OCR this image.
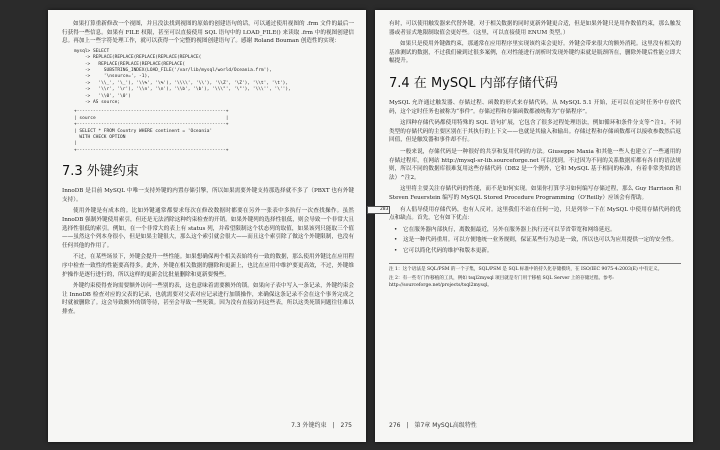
如果打算重新修改一个视图，并且没法找到视图的原始的创建语句的话，可以通过使用视图的 .frm 文件的最后一行获得一些信息。如果有 FILE 权限，甚至可以直接使用 SQL 语句中的 LOAD_FILE() 来读取 .frm 中的视图创建信息。再加上一些字符处理工作，就可以获得一个完整的视图创建语句了。感谢 Roland Bouman 创造性的实现：

mysql> SELECT
-> REPLACE(REPLACE(REPLACE(REPLACE(REPLACE(
->   REPLACE(REPLACE(REPLACE(REPLACE(
->     SUBSTRING_INDEX(LOAD_FILE('/var/lib/mysql/world/Oceania.frm'),
->     '\nsource=', -1),
->   '\\_', '\_'), '\\%', '\%'), '\\\\', '\\'), '\\Z', '\Z'), '\\t', '\t'),
->   '\\r', '\r'), '\\n', '\n'), '\\b', '\b'), '\\\"', '\"'), '\\\'', '\''),
->   '\\0', '\0')
-> AS source;
+-------------------------------------------------------+
| source                                                |
+-------------------------------------------------------+
| SELECT * FROM Country WHERE continent = 'Oceania'
WITH CHECK OPTION
|
+-------------------------------------------------------+
7.3 外键约束

InnoDB 是目前 MySQL 中唯一支持外键的内置存储引擎，所以如果需要外键支持那选择就不多了（PBXT 也有外键支持）。

使用外键是有成本的。比如外键通常都要求每次在修改数据时都要在另外一张表中多执行一次查找操作。虽然 InnoDB 强制外键使用索引，但还是无法消除这种约束检查的开销。如果外键列的选择性很低，则会导致一个非常大且选择性很低的索引。例如，在一个非常大的表上有 status 列，并希望限制这个状态列的取值，如果该列只能取三个值——虽然这个列本身很小，但是如果主键很大，那么这个索引就会很大——而且这个索引除了做这个外键限制，也没有任何其他的作用了。

不过，在某些场景下，外键会提升一些性能。如果想确保两个相关表始终有一致的数据，那么使用外键比在应用程序中检查一致性的性能要高得多。此外，外键在相关数据的删除和更新上，也比在应用中维护要更高效，不过，外键维护操作是逐行进行的，所以这样的更新会比批量删除和更新要慢些。

外键约束使得查询需要额外访问一些别的表，这也意味着需要额外的锁。如果向子表中写入一条记录，外键约束会让 InnoDB 检查对应的父表的记录，也就需要对父表对应记录进行加锁操作，来确保这条记录不会在这个事务完成之时就被删除了。这会导致额外的锁等待，甚至会导致一些死锁。因为没有直接访问这些表，所以这类死锁问题往往难以排查。

7.3 外键约束 | 275

有时，可以使用触发器来代替外键。对于相关数据的同时更新外键更合适，但是如果外键只是用作数值约束，那么触发器或者显式地限制取值会更好些。（这里，可以直接使用 ENUM 类型。）

如果只是使用外键做约束，那通常在应用程序里实现该约束会更好。外键会带来很大的额外消耗。这里没有相关的基准测试的数据，不过我们碰到过很多案例，在对性能进行剖析时发现外键约束就是瓶颈所在，删除外键后性能立即大幅提升。

7.4 在 MySQL 内部存储代码

MySQL 允许通过触发器、存储过程、函数的形式来存储代码。从 MySQL 5.1 开始，还可以在定时任务中存放代码，这个定时任务也被称为“事件”。存储过程和存储函数都被统称为“存储程序”。

这四种存储代码都使用特殊的 SQL 语句扩展，它包含了很多过程处理语法，例如循环和条件分支等^注1。不同类型的存储代码的主要区别在于其执行的上下文——也就是其输入和输出。存储过程和存储函数都可以接收参数然后返回值，但是触发器和事件却不行。

一般来说，存储代码是一种很好的共享和复用代码的方法。Giuseppe Maxia 和其他一些人也建立了一些通用的存储过程库，在网站 http://mysql-sr-lib.sourceforge.net 可以找到。不过因为不同的关系数据库都有各自的语法规则，所以不同的数据库很难复用这些存储代码（DB2 是一个例外，它和 MySQL 基于相同的标准，有着非常类似的语法）^注2。

这里将主要关注存储代码的性能，而不是如何实现。如果你打算学习如何编写存储过程，那么 Guy Harrison 和 Steven Feuerstein 编写的 MySQL Stored Procedure Programming（O'Reilly）应该会有帮助。

283	有人倡导使用存储代码，也有人反对。这里我们不站在任何一边，只是列举一下在 MySQL 中使用存储代码的优点和缺点。首先，它有如下优点：

• 它在服务器内部执行，离数据最近，另外在服务器上执行还可以节省带宽和网络延迟。
• 这是一种代码重用。可以方便地统一业务规则，保证某些行为总是一致，所以也可以为应用提供一定的安全性。
• 它可以简化代码的维护和版本更新。
注 1：这个语法是 SQL/PSM 的一个子集，SQL/PSM 是 SQL 标准中的持久化存储模块，在 ISO/IEC 9075-4:2003(E) 中有定义。
注 2：有一些专门作移植的工具，例如 tsql2mysql 项目就是专门用于移植 SQL Server 上的存储过程。参考: http://sourceforge.net/projects/tsql2mysql。
276 | 第7章 MySQL高级特性
